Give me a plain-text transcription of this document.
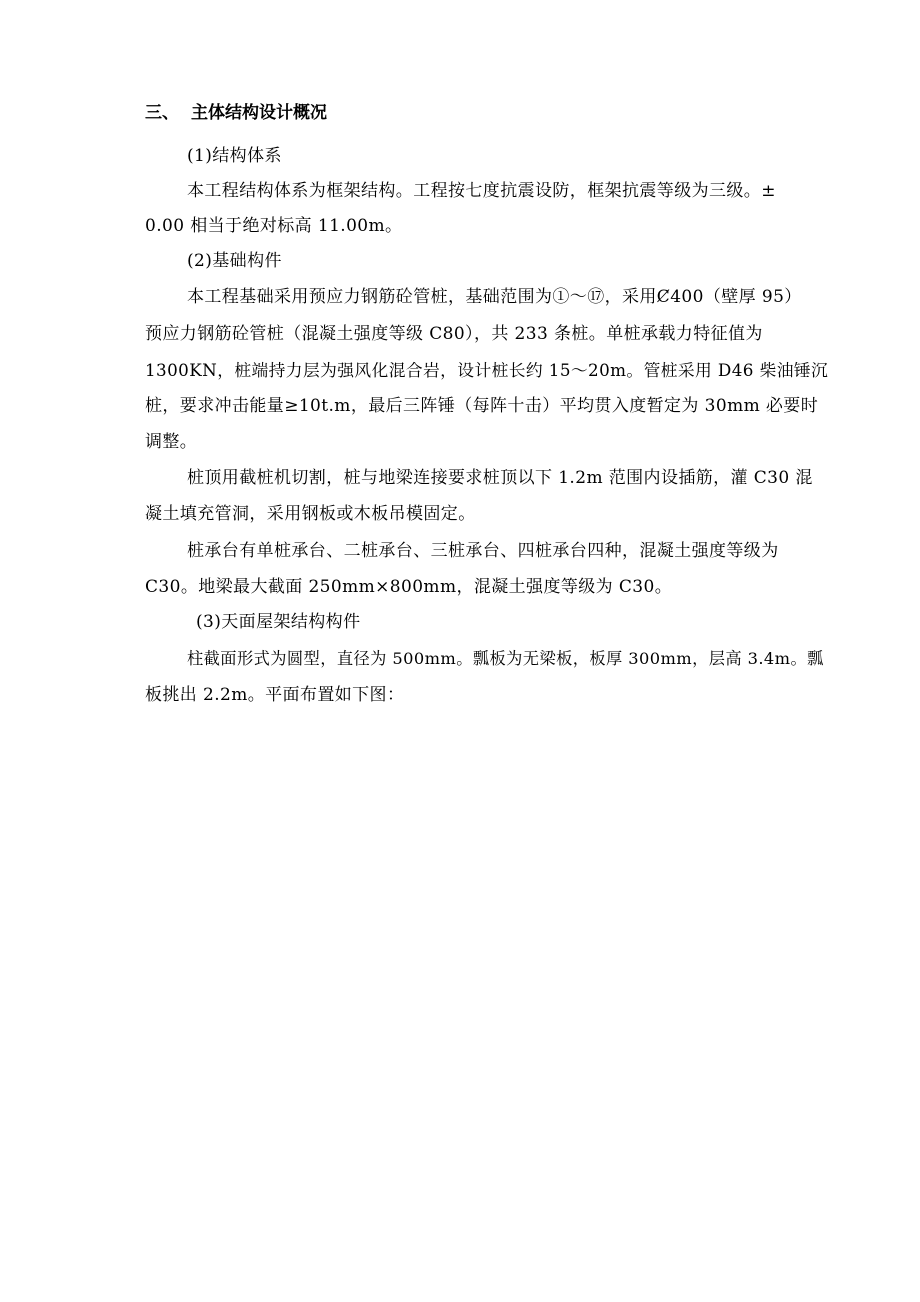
三、 主体结构设计概况
(1)结构体系
本工程结构体系为框架结构。工程按七度抗震设防，框架抗震等级为三级。±
0.00 相当于绝对标高 11.00m。
(2)基础构件
本工程基础采用预应力钢筋砼管桩，基础范围为①～⑰，采用Ȼ400（壁厚 95）
预应力钢筋砼管桩（混凝土强度等级 C80），共 233 条桩。单桩承载力特征值为
1300KN，桩端持力层为强风化混合岩，设计桩长约 15～20m。管桩采用 D46 柴油锤沉
桩，要求冲击能量≥10t.m，最后三阵锤（每阵十击）平均贯入度暂定为 30mm 必要时
调整。
桩顶用截桩机切割，桩与地梁连接要求桩顶以下 1.2m 范围内设插筋，灌 C30 混
凝土填充管洞，采用钢板或木板吊模固定。
桩承台有单桩承台、二桩承台、三桩承台、四桩承台四种，混凝土强度等级为
C30。地梁最大截面 250mm×800mm，混凝土强度等级为 C30。
(3)天面屋架结构构件
柱截面形式为圆型，直径为 500mm。瓢板为无梁板，板厚 300mm，层高 3.4m。瓢
板挑出 2.2m。平面布置如下图：
